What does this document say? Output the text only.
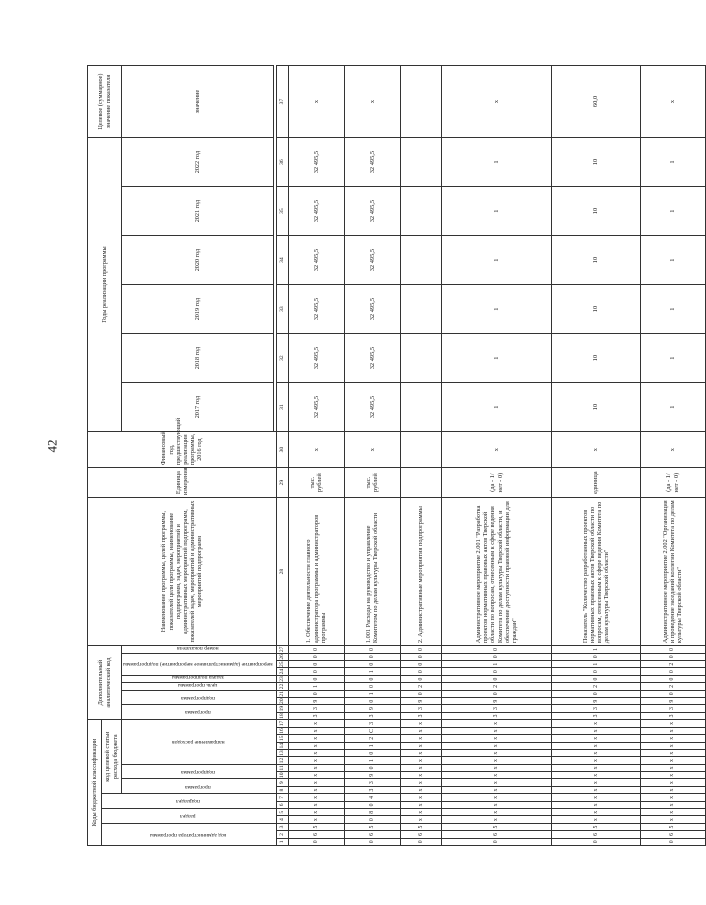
42
Коды бюджетной классификации																	Дополнительный аналитический код										Наименование программы, целей программы, показателей цели программы, наименование подпрограмм, задач, мероприятий и административных мероприятий подпрограмм, показателей задач, мероприятий и административных мероприятий подпрограмм	Единица измерения	Финансовый год, предшествующий реализации программы, 2016 год	Годы реализации программы						Целевое (суммарное) значение показателя
код администратора программы			раздел		подраздел		код целевой статьи расхода бюджета																													
							программа		подпрограмма		направление расходов						программа		подпрограмма		цель программы	задача подпрограммы	мероприятие (административное мероприятие) подпрограммы			номер показателя				2017 год	2018 год	2019 год	2020 год	2021 год	2022 год	значение

1	2	3	4	5	6	7	8	9	10	11	12	13	14	15	16	17	18	19	20	21	22	23	24	25	26	27	28	29	30	31	32	33	34	35	36	37
0	6	5	x	x	x	x	x	x	x	x	x	x	x	x	x	x	3	3	9	0	1	0	0	0	0	0	1. Обеспечение деятельности главного администратора программы и администраторов программы	тыс. рублей	x	32 495,5	32 495,5	32 495,5	32 495,5	32 495,5	32 495,5	x
0	6	5	0	8	0	4	3	3	9	0	1	0	1	2	С	3	3	9	0	1	0	0	1	0	0	0	1.001 Расходы на руководство и управление Комитетом по делам культуры Тверской области	тыс. рублей	x	32 495,5	32 495,5	32 495,5	32 495,5	32 495,5	32 495,5	x
0	6	5	x	x	x	x	x	x	x	x	x	x	x	x	x	x	3	3	9	0	2	0	0	0	0	0	2. Административные мероприятия подпрограммы									
0	6	5	x	x	x	x	x	x	x	x	x	x	x	x	x	x	3	3	9	0	2	0	0	1	0	0	Административное мероприятие 2.001 "Разработка проектов нормативных правовых актов Тверской области по вопросам, отнесенным к сфере ведения Комитета по делам культуры Тверской области, и обеспечение доступности правовой информации для граждан"	(да - 1/ нет - 0)	x	1	1	1	1	1	1	x
0	6	5	x	x	x	x	x	x	x	x	x	x	x	x	x	x	3	3	9	0	2	0	0	1	0	1	Показатель "Количество разработанных проектов нормативных правовых актов Тверской области по вопросам, отнесенным к сфере ведения Комитета по делам культуры Тверской области"	единица	x	10	10	10	10	10	10	60,0
0	6	5	x	x	x	x	x	x	x	x	x	x	x	x	x	x	3	3	9	0	2	0	0	2	0	0	Административное мероприятие 2.002 "Организация и проведение заседаний коллегии Комитета по делам культуры Тверской области"	(да - 1/ нет - 0)	x	1	1	1	1	1	1	x
